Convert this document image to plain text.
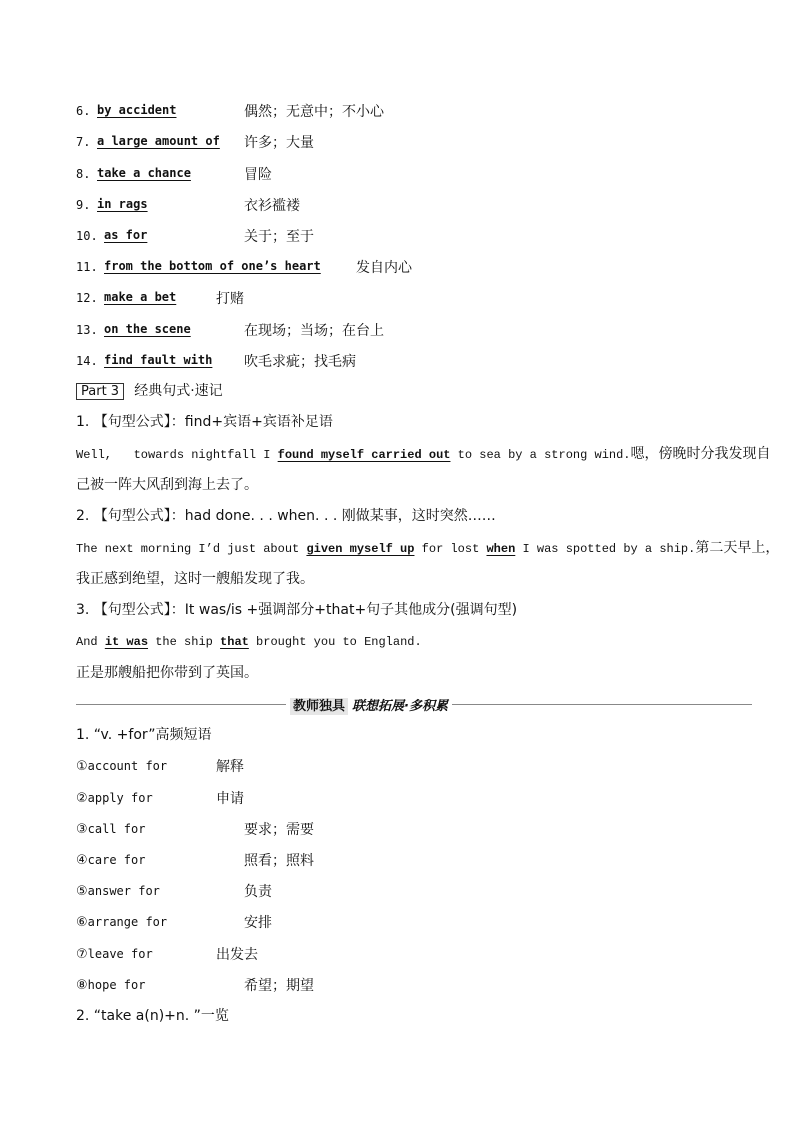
6. by accident	偶然；无意中；不小心
7. a large amount of 许多；大量
8. take a chance	冒险
9. in rags	衣衫褴褛
10. as for	关于；至于
11. from the bottom of one’s heart	发自内心
12. make a bet	打赌
13. on the scene	在现场；当场；在台上
14. find fault with 吹毛求疵；找毛病
Part 3 经典句式·速记
1. 【句型公式】：find+宾语+宾语补足语
Well,   towards nightfall I found myself carried out to sea by a strong wind.嗯，傍晚时分我发现自
己被一阵大风刮到海上去了。
2. 【句型公式】：had done. . . when. . . 刚做某事，这时突然……
The next morning I’d just about given myself up for lost when I was spotted by a ship.第二天早上，
我正感到绝望，这时一艘船发现了我。
3. 【句型公式】：It was/is +强调部分+that+句子其他成分(强调句型)
And it was the ship that brought you to England.
正是那艘船把你带到了英国。
教师独具 联想拓展·多积累
1. “v. +for”高频短语
①account for	解释
②apply for	申请
③call for	要求；需要
④care for	照看；照料
⑤answer for	负责
⑥arrange for	安排
⑦leave for	出发去
⑧hope for	希望；期望
2. “take a(n)+n. ”一览
